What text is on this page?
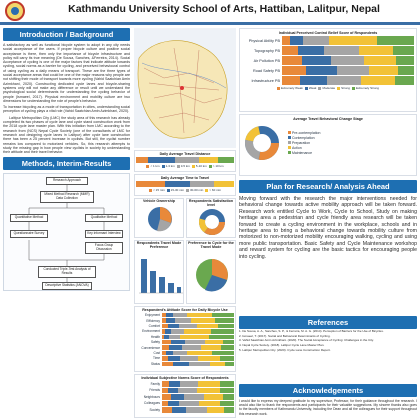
Kathmandu University School of Arts, Hattiban, Lalitpur, Nepal
Introduction / Background
A satisfactory as well as functional bicycle system to adopt in any city needs social acceptance of the users. If proper bicycle culture and positive social acceptance is there, then only the importance of bicycle infrastructure and policy will carry its true meaning (De Sousa, Sanches, &Ferreira, 2014). Social Acceptance of cycling is one of the major factors that indicate attitude towards cycling, social norms as a barrier for cycling, and perceived behavioural control of using cycling as a daily means of transport. These are the three types of social acceptance areas that could be one of the major reasons why people are not shifting their mode of transport towards more cycling (Vahid Saatchian Amin Azimkhani, 2020). Constructing dedicated cycle lanes and bicycle-sharing systems only will not make any difference or result until we understand the psychological social determinants for understanding the cycling behavior of people (Ismaeel, 2017). Physical environment and mobility culture are two dimensions for understanding the role of people's behavior.
To increase bicycling as a mode of transportation in cities, understanding social perception of cycling plays a vital role (Vahid Saatchian Amin Azimkhani, 2020).
Lalitpur Metropolitan City (LMC) the study area of this research has already completed its two phases of cycle lane and cycle stand construction work from the 2018 cycle lane master plan. With this initiation from LMC according to the research from (NCS) Nepal Cycle Society (one of the consultants of LMC for research and designing cycle lanes in Lalitpur) after cycle lane construction there has been a 25 percent increase in cyclists. But still, the cyclist number remains low compared to motorized vehicles. So, this research attempts to study the missing gap in how people view cyclists in society by understanding their attitude and their travel behavior.
Methods, Interim-Results
Research Approach
Mixed Method Research (MMR) Data Collection
Quantitative Method	Qualitative Method
Questionnaire Survey	Key Informant Interview
Focus Group Discussion
Conducted Triple-Test Analysis of Results
Descriptive Statistics (ANOVA)
Daily Average Travel Distance
< 1 km	1-3 km	3-5 km	5-10 km	> 10 km
Daily Average Time to Travel
< 15 min	15-30 min	30-60 min	> 60 min
Vehicle Ownership	Respondents Satisfaction level
Respondents Travel Mode Preference
Preference to Cycle for the Travel Mode
Respondent's Attitude Score for Daily Bicycle Use
Enjoyment
Efficiency
Comfort
Environment
Health
Safety
Convenience
Cost
Time
Status
Individual Subjective Norms Score of Respondents
Family
Friends
Neighbours
Colleagues
Society
Individual Perceived Control Belief Score of Respondents
Physical Ability PB
Topography PB
Air Pollution PB
Road Safety PB
Infrastructure PB
Extremely Weak	Weak	Moderate	Strong	Extremely Strong
Average Travel Behavioral Change Stage
Pre-contemplation
Contemplation
Preparation
Action
Maintenance
Plan for Research/ Analysis Ahead
Moving forward with the research the major interventions needed for behavioral change towards active mobility approach will be taken forward. Research work entitled Cycle to Work, Cycle to School, Study on making heritage area a pedestrian and cycle friendly area research will be taken forward to create a cycling environment in the workplace, schools and in heritage area to bring a behavioral change towards mobility culture from motorized to non-motorized mobility encouraging walking, cycling and using more public transportation. Basic Safety and Cycle Maintenance workshop and reward system for cycling are the basic tactics for encouraging people into cycling.
References
1. De Sousa, A. A., Sanches, S. P., & Ferreira, M. A. G. (2014). Perception of Barriers for the Use of Bicycles.
2. Ismaeel, T. (2017). Social and Behavioral Determinants of Cycling.
3. Vahid Saatchian Amin Azimkhani. (2020). The Social Acceptance of Cycling: Challenges in the City.
4. Nepal Cycle Society. (2018). Lalitpur Cycle Lane Master Plan.
5. Lalitpur Metropolitan City. (2020). Cycle Lane Construction Report.
Acknowledgements
I would like to express my deepest gratitude to my supervisor, Professor, for their guidance throughout the research. I would also like to thank the respondents and participants for their valuable suggestions. My sincere thanks also goes to the faculty members of Kathmandu University, including the Dean and all the colleagues for their support throughout this research work.
